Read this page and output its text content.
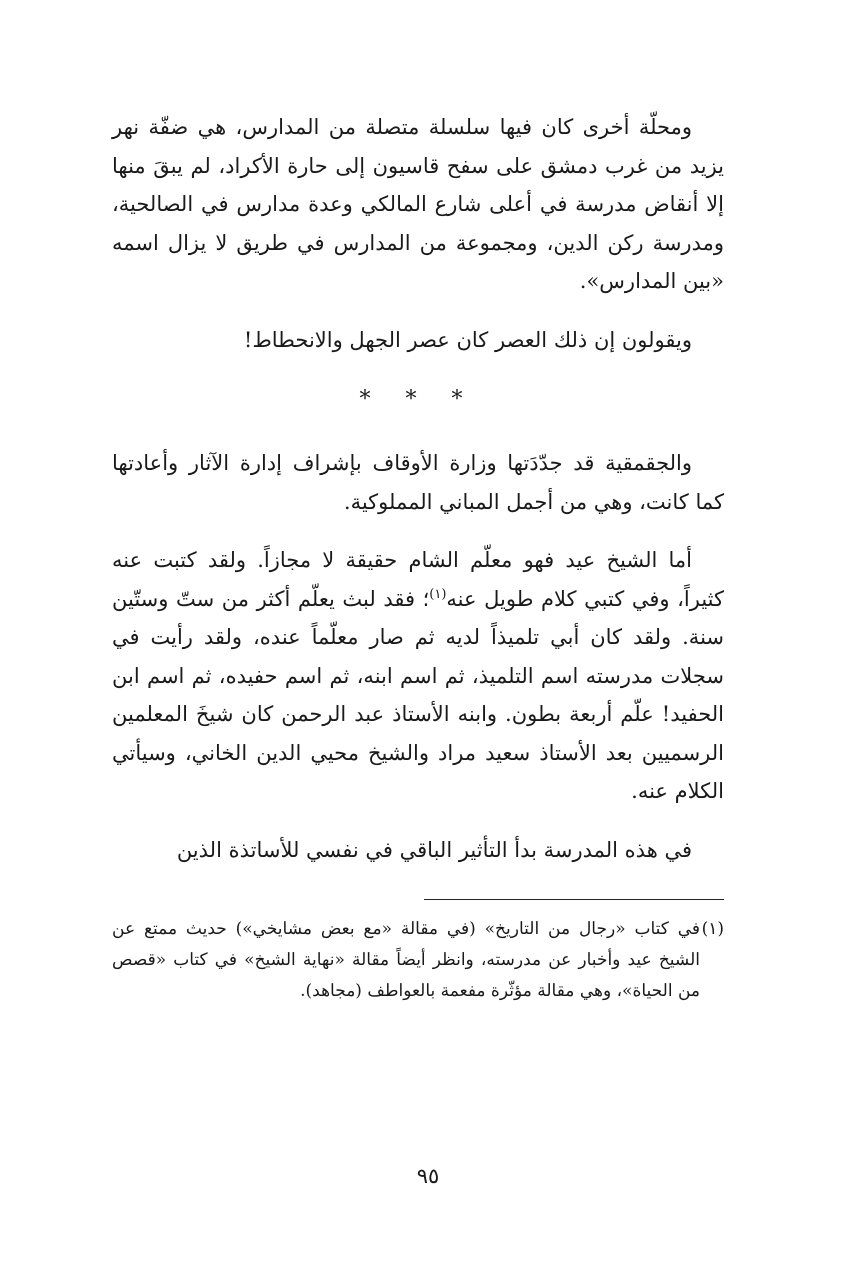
ومحلّة أخرى كان فيها سلسلة متصلة من المدارس، هي ضفّة نهر يزيد من غرب دمشق على سفح قاسيون إلى حارة الأكراد، لم يبقَ منها إلا أنقاض مدرسة في أعلى شارع المالكي وعدة مدارس في الصالحية، ومدرسة ركن الدين، ومجموعة من المدارس في طريق لا يزال اسمه «بين المدارس».

ويقولون إن ذلك العصر كان عصر الجهل والانحطاط!

* * *

والجقمقية قد جدّدَتها وزارة الأوقاف بإشراف إدارة الآثار وأعادتها كما كانت، وهي من أجمل المباني المملوكية.

أما الشيخ عيد فهو معلّم الشام حقيقة لا مجازاً. ولقد كتبت عنه كثيراً، وفي كتبي كلام طويل عنه$^{(١)}$؛ فقد لبث يعلّم أكثر من ستّ وستّين سنة. ولقد كان أبي تلميذاً لديه ثم صار معلّماً عنده، ولقد رأيت في سجلات مدرسته اسم التلميذ، ثم اسم ابنه، ثم اسم حفيده، ثم اسم ابن الحفيد! علّم أربعة بطون. وابنه الأستاذ عبد الرحمن كان شيخَ المعلمين الرسميين بعد الأستاذ سعيد مراد والشيخ محيي الدين الخاني، وسيأتي الكلام عنه.

في هذه المدرسة بدأ التأثير الباقي في نفسي للأساتذة الذين

(١)
في كتاب «رجال من التاريخ» (في مقالة «مع بعض مشايخي») حديث ممتع عن الشيخ عيد وأخبار عن مدرسته، وانظر أيضاً مقالة «نهاية الشيخ» في كتاب «قصص من الحياة»، وهي مقالة مؤثّرة مفعمة بالعواطف (مجاهد).
٩٥
